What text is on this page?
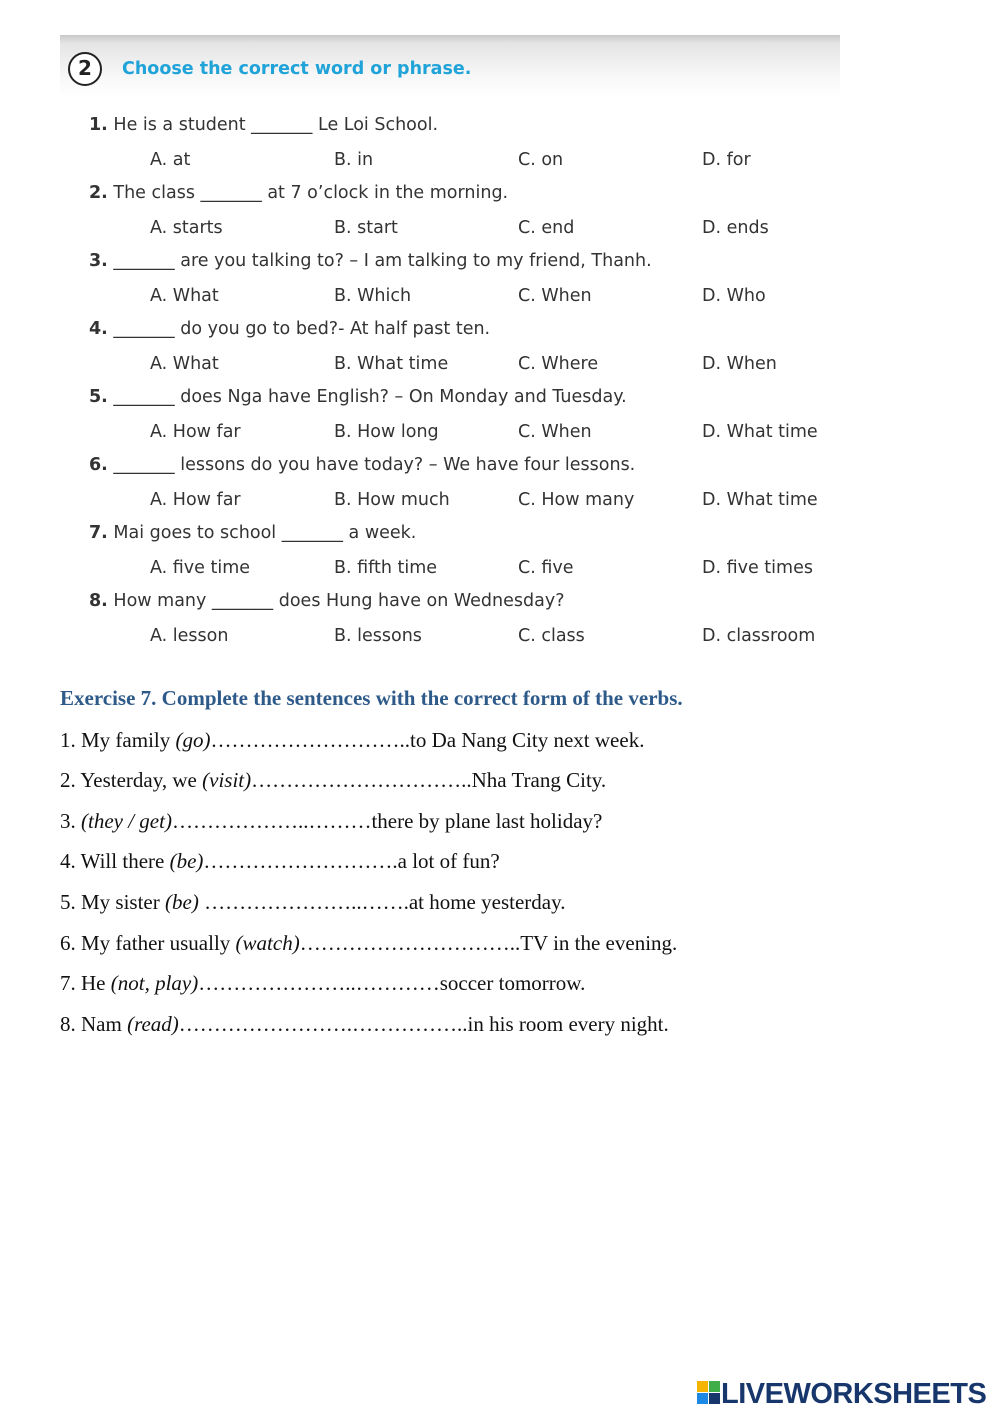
2	Choose the correct word or phrase.
1. He is a student _______ Le Loi School.
A. at	B. in	C. on	D. for
2. The class _______ at 7 o’clock in the morning.
A. starts	B. start	C. end	D. ends
3. _______ are you talking to? – I am talking to my friend, Thanh.
A. What	B. Which	C. When	D. Who
4. _______ do you go to bed?- At half past ten.
A. What	B. What time	C. Where	D. When
5. _______ does Nga have English? – On Monday and Tuesday.
A. How far	B. How long	C. When	D. What time
6. _______ lessons do you have today? – We have four lessons.
A. How far	B. How much	C. How many	D. What time
7. Mai goes to school _______ a week.
A. five time	B. fifth time	C. five	D. five times
8. How many _______ does Hung have on Wednesday?
A. lesson	B. lessons	C. class	D. classroom
Exercise 7. Complete the sentences with the correct form of the verbs.
1. My family (go)………………………..to Da Nang City next week.
2. Yesterday, we (visit)…………………………..Nha Trang City.
3. (they / get)………………..………there by plane last holiday?
4. Will there (be)……………………….a lot of fun?
5. My sister (be) …………………..…….at home yesterday.
6. My father usually (watch)…………………………..TV in the evening.
7. He (not, play)…………………..…………soccer tomorrow.
8. Nam (read)…………………….……………..in his room every night.
LIVEWORKSHEETS
